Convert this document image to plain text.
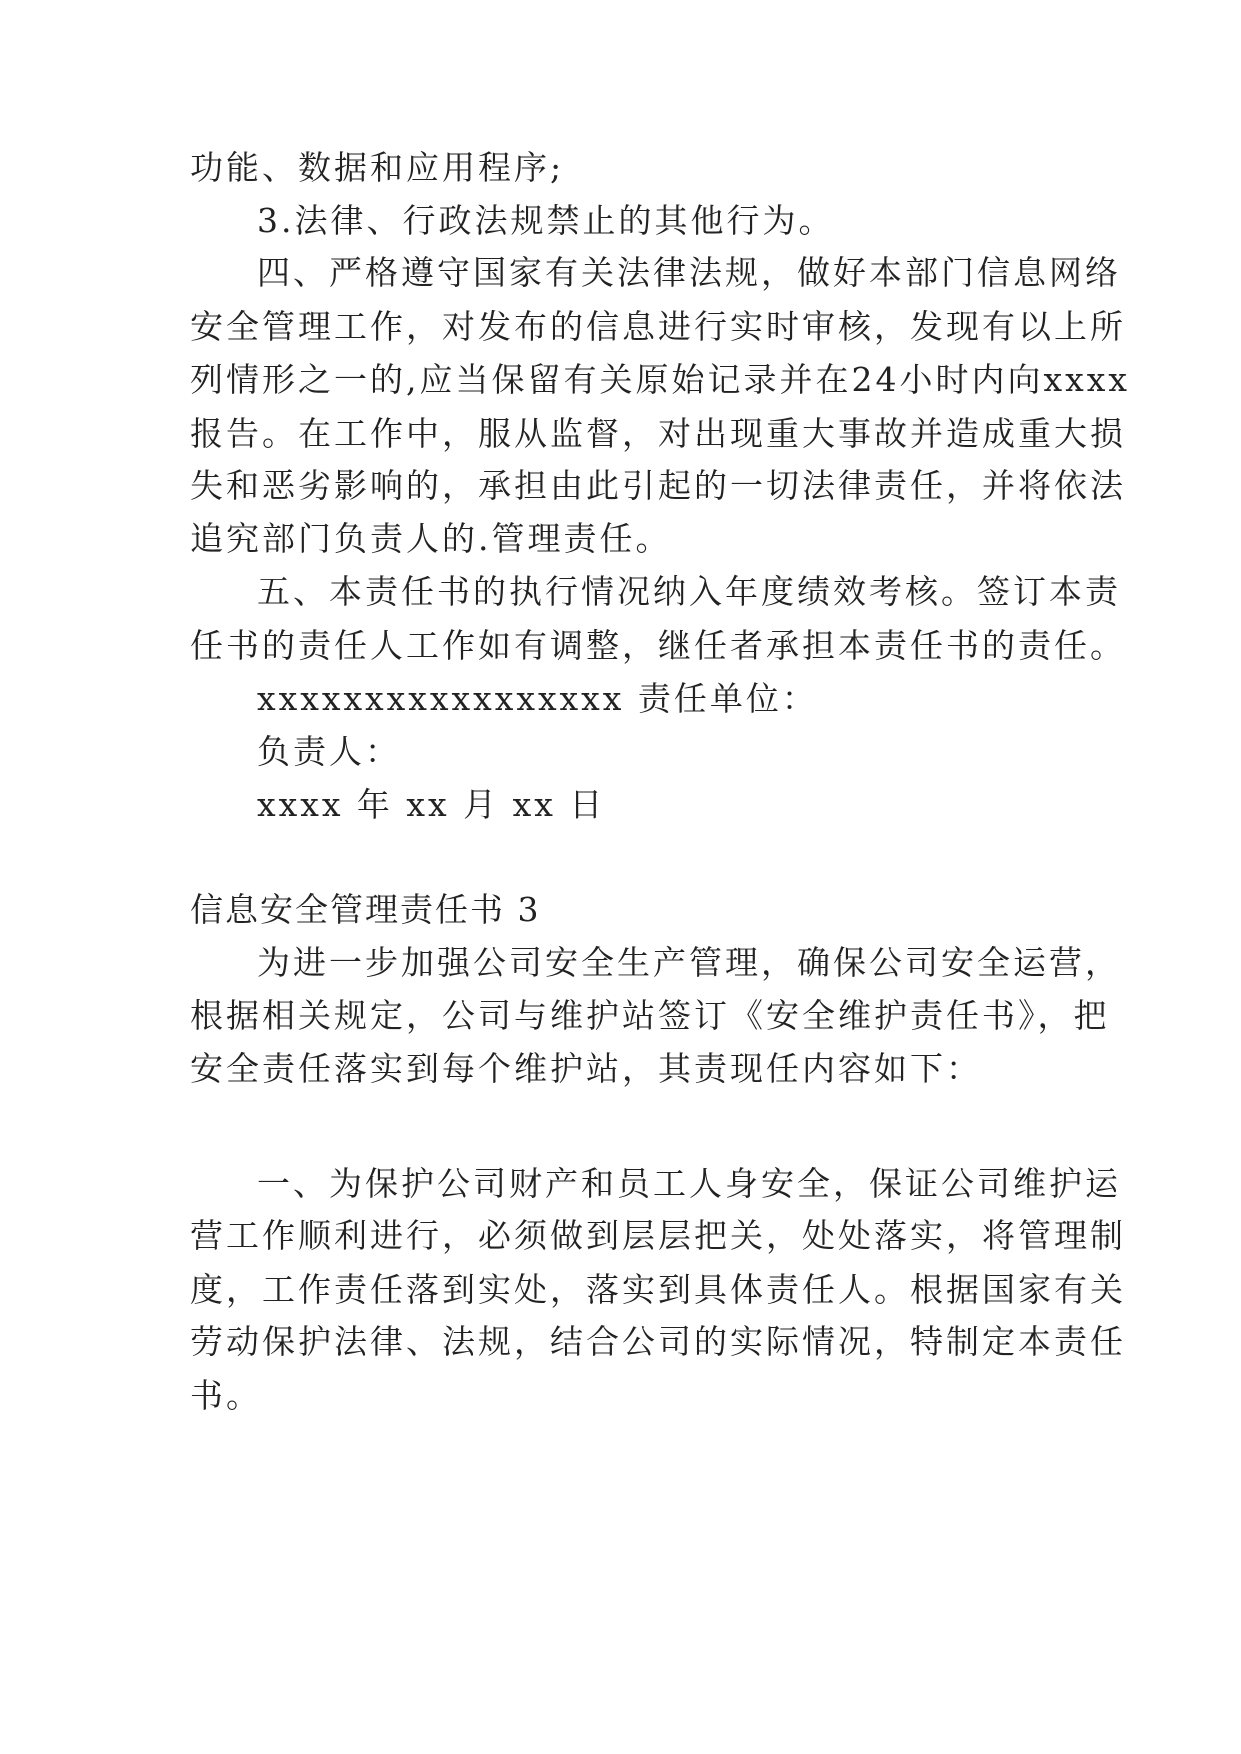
功能、数据和应用程序;

3.法律、行政法规禁止的其他行为。

四、严格遵守国家有关法律法规，做好本部门信息网络

安全管理工作，对发布的信息进行实时审核，发现有以上所

列情形之一的,应当保留有关原始记录并在24小时内向xxxx

报告。在工作中，服从监督，对出现重大事故并造成重大损

失和恶劣影响的，承担由此引起的一切法律责任，并将依法

追究部门负责人的.管理责任。

五、本责任书的执行情况纳入年度绩效考核。签订本责

任书的责任人工作如有调整，继任者承担本责任书的责任。

xxxxxxxxxxxxxxxxx 责任单位：

负责人：

xxxx 年 xx 月 xx 日

信息安全管理责任书 3

为进一步加强公司安全生产管理，确保公司安全运营，

根据相关规定，公司与维护站签订《安全维护责任书》，把

安全责任落实到每个维护站，其责现任内容如下：

一、为保护公司财产和员工人身安全，保证公司维护运

营工作顺利进行，必须做到层层把关，处处落实，将管理制

度，工作责任落到实处，落实到具体责任人。根据国家有关

劳动保护法律、法规，结合公司的实际情况，特制定本责任

书。
